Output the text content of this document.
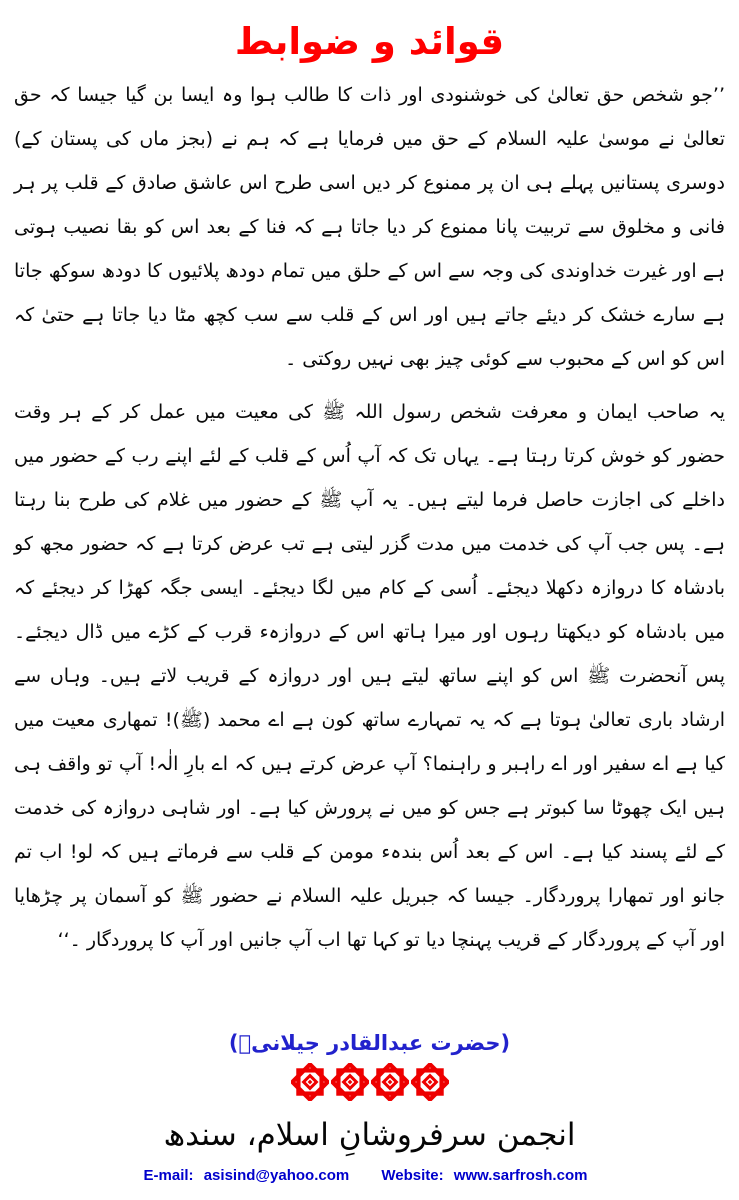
قوائد و ضوابط

’’جو شخص حق تعالیٰ کی خوشنودی اور ذات کا طالب ہوا وہ ایسا بن گیا جیسا کہ حق تعالیٰ نے موسیٰ علیہ السلام کے حق میں فرمایا ہے کہ ہم نے (بجز ماں کی پستان کے) دوسری پستانیں پہلے ہی ان پر ممنوع کر دیں اسی طرح اس عاشق صادق کے قلب پر ہر فانی و مخلوق سے تربیت پانا ممنوع کر دیا جاتا ہے کہ فنا کے بعد اس کو بقا نصیب ہوتی ہے اور غیرت خداوندی کی وجہ سے اس کے حلق میں تمام دودھ پلائیوں کا دودھ سوکھ جاتا ہے سارے خشک کر دیئے جاتے ہیں اور اس کے قلب سے سب کچھ مٹا دیا جاتا ہے حتیٰ کہ اس کو اس کے محبوب سے کوئی چیز بھی نہیں روکتی ۔

یہ صاحب ایمان و معرفت شخص رسول اللہ ﷺ کی معیت میں عمل کر کے ہر وقت حضور کو خوش کرتا رہتا ہے۔ یہاں تک کہ آپ اُس کے قلب کے لئے اپنے رب کے حضور میں داخلے کی اجازت حاصل فرما لیتے ہیں۔ یہ آپ ﷺ کے حضور میں غلام کی طرح بنا رہتا ہے۔ پس جب آپ کی خدمت میں مدت گزر لیتی ہے تب عرض کرتا ہے کہ حضور مجھ کو بادشاہ کا دروازہ دکھلا دیجئے۔ اُسی کے کام میں لگا دیجئے۔ ایسی جگہ کھڑا کر دیجئے کہ میں بادشاہ کو دیکھتا رہوں اور میرا ہاتھ اس کے دروازہء قرب کے کڑے میں ڈال دیجئے۔ پس آنحضرت ﷺ اس کو اپنے ساتھ لیتے ہیں اور دروازہ کے قریب لاتے ہیں۔ وہاں سے ارشاد باری تعالیٰ ہوتا ہے کہ یہ تمہارے ساتھ کون ہے اے محمد (ﷺ)! تمھاری معیت میں کیا ہے اے سفیر اور اے راہبر و راہنما؟ آپ عرض کرتے ہیں کہ اے بارِ الٰہ! آپ تو واقف ہی ہیں ایک چھوٹا سا کبوتر ہے جس کو میں نے پرورش کیا ہے۔ اور شاہی دروازہ کی خدمت کے لئے پسند کیا ہے۔ اس کے بعد اُس بندہء مومن کے قلب سے فرماتے ہیں کہ لو! اب تم جانو اور تمھارا پروردگار۔ جیسا کہ جبریل علیہ السلام نے حضور ﷺ کو آسمان پر چڑھایا اور آپ کے پروردگار کے قریب پہنچا دیا تو کہا تھا اب آپ جانیں اور آپ کا پروردگار ۔‘‘

(حضرت عبدالقادر جیلانیؒ)
انجمن سرفروشانِ اسلام، سندھ
E-mail: asisind@yahoo.com Website: www.sarfrosh.com
